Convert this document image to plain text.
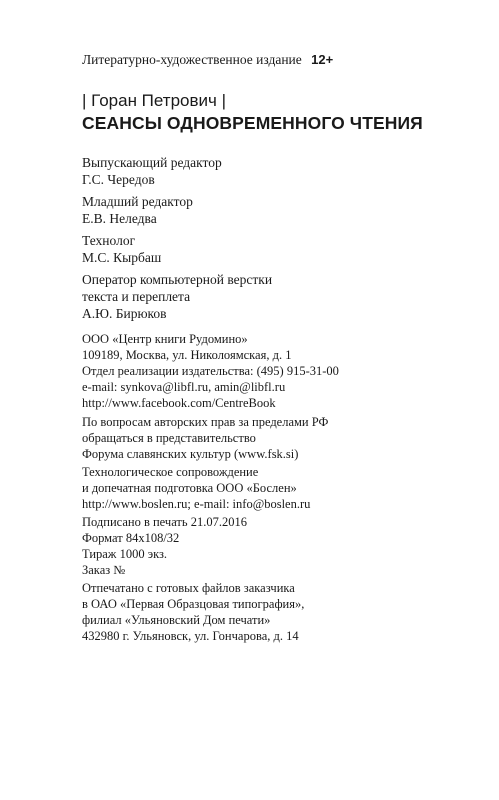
Литературно-художественное издание 12+
| Горан Петрович |
СЕАНСЫ ОДНОВРЕМЕННОГО ЧТЕНИЯ
Выпускающий редактор
Г.С. Чередов
Младший редактор
Е.В. Неледва
Технолог
М.С. Кырбаш
Оператор компьютерной верстки
текста и переплета
А.Ю. Бирюков
ООО «Центр книги Рудомино»
109189, Москва, ул. Николоямская, д. 1
Отдел реализации издательства: (495) 915-31-00
e-mail: synkova@libfl.ru, amin@libfl.ru
http://www.facebook.com/CentreBook
По вопросам авторских прав за пределами РФ
обращаться в представительство
Форума славянских культур (www.fsk.si)
Технологическое сопровождение
и допечатная подготовка ООО «Бослен»
http://www.boslen.ru; e-mail: info@boslen.ru
Подписано в печать 21.07.2016
Формат 84x108/32
Тираж 1000 экз.
Заказ №
Отпечатано с готовых файлов заказчика
в ОАО «Первая Образцовая типография»,
филиал «Ульяновский Дом печати»
432980 г. Ульяновск, ул. Гончарова, д. 14
